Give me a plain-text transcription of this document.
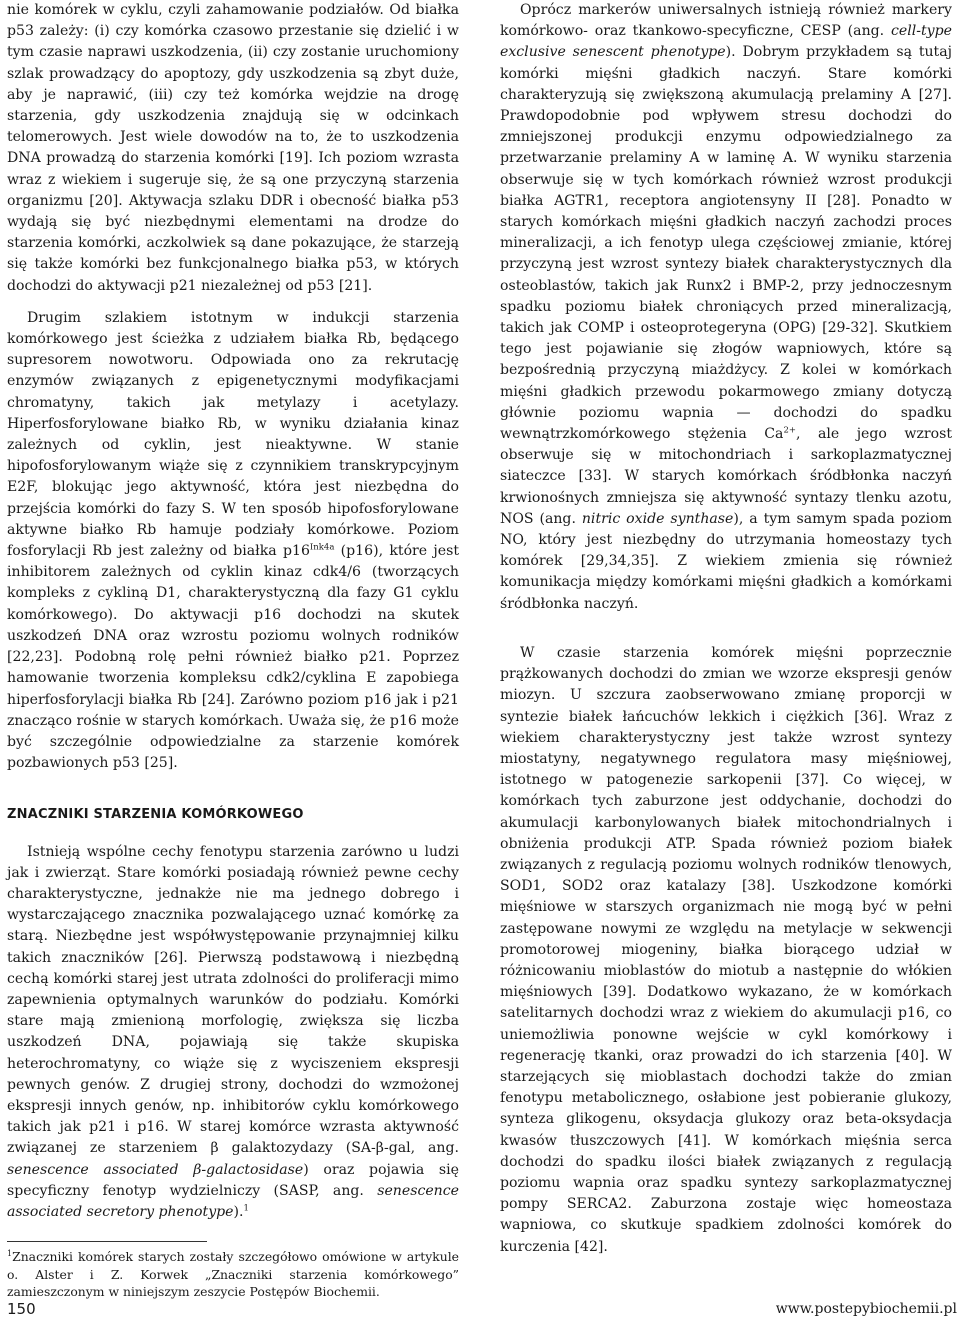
nie komórek w cyklu, czyli zahamowanie podziałów. Od białka p53 zależy: (i) czy komórka czasowo przestanie się dzielić i w tym czasie naprawi uszkodzenia, (ii) czy zostanie uruchomiony szlak prowadzący do apoptozy, gdy uszkodzenia są zbyt duże, aby je naprawić, (iii) czy też komórka wejdzie na drogę starzenia, gdy uszkodzenia znajdują się w odcinkach telomerowych. Jest wiele dowodów na to, że to uszkodzenia DNA prowadzą do starzenia komórki [19]. Ich poziom wzrasta wraz z wiekiem i sugeruje się, że są one przyczyną starzenia organizmu [20]. Aktywacja szlaku DDR i obecność białka p53 wydają się być niezbędnymi elementami na drodze do starzenia komórki, aczkolwiek są dane pokazujące, że starzeją się także komórki bez funkcjonalnego białka p53, w których dochodzi do aktywacji p21 niezależnej od p53 [21].

Drugim szlakiem istotnym w indukcji starzenia komórkowego jest ścieżka z udziałem białka Rb, będącego supresorem nowotworu. Odpowiada ono za rekrutację enzymów związanych z epigenetycznymi modyfikacjami chromatyny, takich jak metylazy i acetylazy. Hiperfosforylowane białko Rb, w wyniku działania kinaz zależnych od cyklin, jest nieaktywne. W stanie hipofosforylowanym wiąże się z czynnikiem transkrypcyjnym E2F, blokując jego aktywność, która jest niezbędna do przejścia komórki do fazy S. W ten sposób hipofosforylowane aktywne białko Rb hamuje podziały komórkowe. Poziom fosforylacji Rb jest zależny od białka $p16^{Ink4a}$ (p16), które jest inhibitorem zależnych od cyklin kinaz cdk4/6 (tworzących kompleks z cykliną D1, charakterystyczną dla fazy G1 cyklu komórkowego). Do aktywacji p16 dochodzi na skutek uszkodzeń DNA oraz wzrostu poziomu wolnych rodników [22,23]. Podobną rolę pełni również białko p21. Poprzez hamowanie tworzenia kompleksu cdk2/cyklina E zapobiega hiperfosforylacji białka Rb [24]. Zarówno poziom p16 jak i p21 znacząco rośnie w starych komórkach. Uważa się, że p16 może być szczególnie odpowiedzialne za starzenie komórek pozbawionych p53 [25].

ZNACZNIKI STARZENIA KOMÓRKOWEGO

Istnieją wspólne cechy fenotypu starzenia zarówno u ludzi jak i zwierząt. Stare komórki posiadają również pewne cechy charakterystyczne, jednakże nie ma jednego dobrego i wystarczającego znacznika pozwalającego uznać komórkę za starą. Niezbędne jest współwystępowanie przynajmniej kilku takich znaczników [26]. Pierwszą podstawową i niezbędną cechą komórki starej jest utrata zdolności do proliferacji mimo zapewnienia optymalnych warunków do podziału. Komórki stare mają zmienioną morfologię, zwiększa się liczba uszkodzeń DNA, pojawiają się także skupiska heterochromatyny, co wiąże się z wyciszeniem ekspresji pewnych genów. Z drugiej strony, dochodzi do wzmożonej ekspresji innych genów, np. inhibitorów cyklu komórkowego takich jak p21 i p16. W starej komórce wzrasta aktywność związanej ze starzeniem β galaktozydazy (SA-β-gal, ang. senescence associated β-galactosidase) oraz pojawia się specyficzny fenotyp wydzielniczy (SASP, ang. senescence associated secretory phenotype).$^1$

$^1$Znaczniki komórek starych zostały szczegółowo omówione w artykule o. Alster i Z. Korwek „Znaczniki starzenia komórkowego” zamieszczonym w niniejszym zeszycie Postępów Biochemii.

Oprócz markerów uniwersalnych istnieją również markery komórkowo- oraz tkankowo-specyficzne, CESP (ang. cell-type exclusive senescent phenotype). Dobrym przykładem są tutaj komórki mięśni gładkich naczyń. Stare komórki charakteryzują się zwiększoną akumulacją prelaminy A [27]. Prawdopodobnie pod wpływem stresu dochodzi do zmniejszonej produkcji enzymu odpowiedzialnego za przetwarzanie prelaminy A w laminę A. W wyniku starzenia obserwuje się w tych komórkach również wzrost produkcji białka AGTR1, receptora angiotensyny II [28]. Ponadto w starych komórkach mięśni gładkich naczyń zachodzi proces mineralizacji, a ich fenotyp ulega częściowej zmianie, której przyczyną jest wzrost syntezy białek charakterystycznych dla osteoblastów, takich jak Runx2 i BMP-2, przy jednoczesnym spadku poziomu białek chroniących przed mineralizacją, takich jak COMP i osteoprotegeryna (OPG) [29-32]. Skutkiem tego jest pojawianie się złogów wapniowych, które są bezpośrednią przyczyną miażdżycy. Z kolei w komórkach mięśni gładkich przewodu pokarmowego zmiany dotyczą głównie poziomu wapnia — dochodzi do spadku wewnątrzkomórkowego stężenia $Ca^{2+}$, ale jego wzrost obserwuje się w mitochondriach i sarkoplazmatycznej siateczce [33]. W starych komórkach śródbłonka naczyń krwionośnych zmniejsza się aktywność syntazy tlenku azotu, NOS (ang. nitric oxide synthase), a tym samym spada poziom NO, który jest niezbędny do utrzymania homeostazy tych komórek [29,34,35]. Z wiekiem zmienia się również komunikacja między komórkami mięśni gładkich a komórkami śródbłonka naczyń.

W czasie starzenia komórek mięśni poprzecznie prążkowanych dochodzi do zmian we wzorze ekspresji genów miozyn. U szczura zaobserwowano zmianę proporcji w syntezie białek łańcuchów lekkich i ciężkich [36]. Wraz z wiekiem charakterystyczny jest także wzrost syntezy miostatyny, negatywnego regulatora masy mięśniowej, istotnego w patogenezie sarkopenii [37]. Co więcej, w komórkach tych zaburzone jest oddychanie, dochodzi do akumulacji karbonylowanych białek mitochondrialnych i obniżenia produkcji ATP. Spada również poziom białek związanych z regulacją poziomu wolnych rodników tlenowych, SOD1, SOD2 oraz katalazy [38]. Uszkodzone komórki mięśniowe w starszych organizmach nie mogą być w pełni zastępowane nowymi ze względu na metylacje w sekwencji promotorowej miogeniny, białka biorącego udział w różnicowaniu mioblastów do miotub a następnie do włókien mięśniowych [39]. Dodatkowo wykazano, że w komórkach satelitarnych dochodzi wraz z wiekiem do akumulacji p16, co uniemożliwia ponowne wejście w cykl komórkowy i regenerację tkanki, oraz prowadzi do ich starzenia [40]. W starzejących się mioblastach dochodzi także do zmian fenotypu metabolicznego, osłabione jest pobieranie glukozy, synteza glikogenu, oksydacja glukozy oraz beta-oksydacja kwasów tłuszczowych [41]. W komórkach mięśnia serca dochodzi do spadku ilości białek związanych z regulacją poziomu wapnia oraz spadku syntezy sarkoplazmatycznej pompy SERCA2. Zaburzona zostaje więc homeostaza wapniowa, co skutkuje spadkiem zdolności komórek do kurczenia [42].

150	www.postepybiochemii.pl
